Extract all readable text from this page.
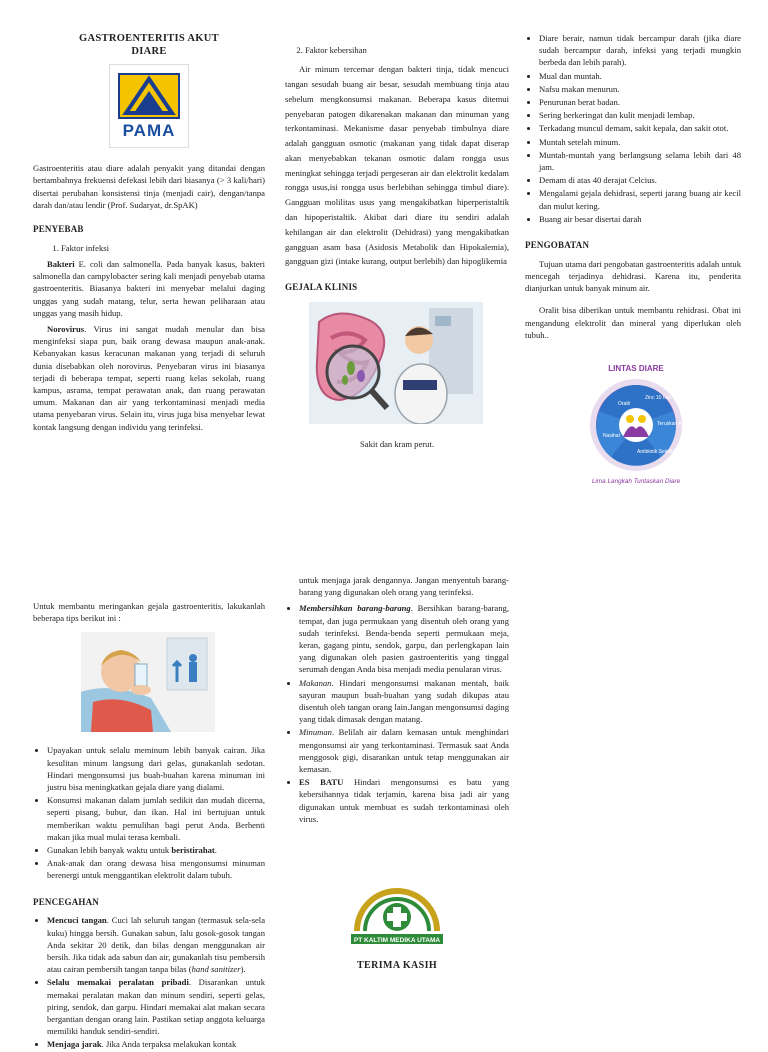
GASTROENTERITIS AKUT
DIARE
PAMA

Gastroenteritis atau diare adalah penyakit yang ditandai dengan bertambahnya frekuensi defekasi lebih dari biasanya (> 3 kali/hari) disertai perubahan konsistensi tinja (menjadi cair), dengan/tanpa darah dan/atau lendir (Prof. Sudaryat, dr.SpAK)

PENYEBAB
1. Faktor infeksi

Bakteri E. coli dan salmonella. Pada banyak kasus, bakteri salmonella dan campylobacter sering kali menjadi penyebab utama gastroenteritis. Biasanya bakteri ini menyebar melalui daging unggas yang sudah matang, telur, serta hewan peliharaan atau unggas yang masih hidup.

Norovirus. Virus ini sangat mudah menular dan bisa menginfeksi siapa pun, baik orang dewasa maupun anak-anak. Kebanyakan kasus keracunan makanan yang terjadi di seluruh dunia disebabkan oleh norovirus. Penyebaran virus ini biasanya terjadi di beberapa tempat, seperti ruang kelas sekolah, ruang kampus, asrama, tempat perawatan anak, dan ruang perawatan umum. Makanan dan air yang terkontaminasi menjadi media utama penyebaran virus. Selain itu, virus juga bisa menyebar lewat kontak langsung dengan individu yang terinfeksi.

2. Faktor kebersihan

Air minum tercemar dengan bakteri tinja, tidak mencuci tangan sesudah buang air besar, sesudah membuang tinja atau sebelum mengkonsumsi makanan. Beberapa kasus ditemui penyebaran patogen dikarenakan makanan dan minuman yang terkontaminasi. Mekanisme dasar penyebab timbulnya diare adalah gangguan osmotic (makanan yang tidak dapat diserap akan menyebabkan tekanan osmotic dalam rongga usus meningkat sehingga terjadi pergeseran air dan elektrolit kedalam rongga usus,isi rongga usus berlebihan sehingga timbul diare). Gangguan molilitas usus yang mengakibatkan hiperperistaltik dan hipoperistaltik. Akibat dari diare itu sendiri adalah kehilangan air dan elektrolit (Dehidrasi) yang mengakibatkan gangguan asam basa (Asidosis Metabolik dan Hipokalemia), gangguan gizi (intake kurang, output berlebih) dan hipoglikemia

GEJALA KLINIS
Sakit dan kram perut.
• Diare berair, namun tidak bercampur darah (jika diare sudah bercampur darah, infeksi yang terjadi mungkin berbeda dan lebih parah).
• Mual dan muntah.
• Nafsu makan menurun.
• Penurunan berat badan.
• Sering berkeringat dan kulit menjadi lembap.
• Terkadang muncul demam, sakit kepala, dan sakit otot.
• Muntah setelah minum.
• Muntah-muntah yang berlangsung selama lebih dari 48 jam.
• Demam di atas 40 derajat Celcius.
• Mengalami gejala dehidrasi, seperti jarang buang air kecil dan mulut kering.
• Buang air besar disertai darah
PENGOBATAN

Tujuan utama dari pengobatan gastroenteritis adalah untuk mencegah terjadinya dehidrasi. Karena itu, penderita dianjurkan untuk banyak minum air.

Oralit bisa diberikan untuk membantu rehidrasi. Obat ini mengandung elektrolit dan mineral yang diperlukan oleh tubuh..

LINTAS DIARE
Oralit
Zinc 10 hari
Teruskan ASI-makan
Antibiotik Selektif
Nasihat
Lima Langkah Tuntaskan Diare

Untuk membantu meringankan gejala gastroenteritis, lakukanlah beberapa tips berikut ini :

• Upayakan untuk selalu meminum lebih banyak cairan. Jika kesulitan minum langsung dari gelas, gunakanlah sedotan. Hindari mengonsumsi jus buah-buahan karena minuman ini justru bisa meningkatkan gejala diare yang dialami.
• Konsumsi makanan dalam jumlah sedikit dan mudah dicerna, seperti pisang, bubur, dan ikan. Hal ini bertujuan untuk memberikan waktu pemulihan bagi perut Anda. Berhenti makan jika mual mulai terasa kembali.
• Gunakan lebih banyak waktu untuk beristirahat.
• Anak-anak dan orang dewasa bisa mengonsumsi minuman berenergi untuk menggantikan elektrolit dalam tubuh.
PENCEGAHAN
• Mencuci tangan. Cuci lah seluruh tangan (termasuk sela-sela kuku) hingga bersih. Gunakan sabun, lalu gosok-gosok tangan Anda sekitar 20 detik, dan bilas dengan menggunakan air bersih. Jika tidak ada sabun dan air, gunakanlah tisu pembersih atau cairan pembersih tangan tanpa bilas (hand sanitizer).
• Selalu memakai peralatan pribadi. Disarankan untuk memakai peralatan makan dan minum sendiri, seperti gelas, piring, sendok, dan garpu. Hindari memakai alat makan secara bergantian dengan orang lain. Pastikan setiap anggota keluarga memiliki handuk sendiri-sendiri.
• Menjaga jarak. Jika Anda terpaksa melakukan kontak

untuk menjaga jarak dengannya. Jangan menyentuh barang-barang yang digunakan oleh orang yang terinfeksi.

• Membersihkan barang-barang. Bersihkan barang-barang, tempat, dan juga permukaan yang disentuh oleh orang yang sudah terinfeksi. Benda-benda seperti permukaan meja, keran, gagang pintu, sendok, garpu, dan perlengkapan lain yang digunakan oleh pasien gastroenteritis yang tinggal serumah dengan Anda bisa menjadi media penularan virus.
• Makanan. Hindari mengonsumsi makanan mentah, baik sayuran maupun buah-buahan yang sudah dikupas atau disentuh oleh tangan orang lain.Jangan mengonsumsi daging yang tidak dimasak dengan matang.
• Minuman. Belilah air dalam kemasan untuk menghindari mengonsumsi air yang terkontaminasi. Termasuk saat Anda menggosok gigi, disarankan untuk tetap menggunakan air kemasan.
• ES BATU Hindari mengonsumsi es batu yang kebersihannya tidak terjamin, karena bisa jadi air yang digunakan untuk membuat es sudah terkontaminasi oleh virus.
PT KALTIM MEDIKA UTAMA
TERIMA KASIH
